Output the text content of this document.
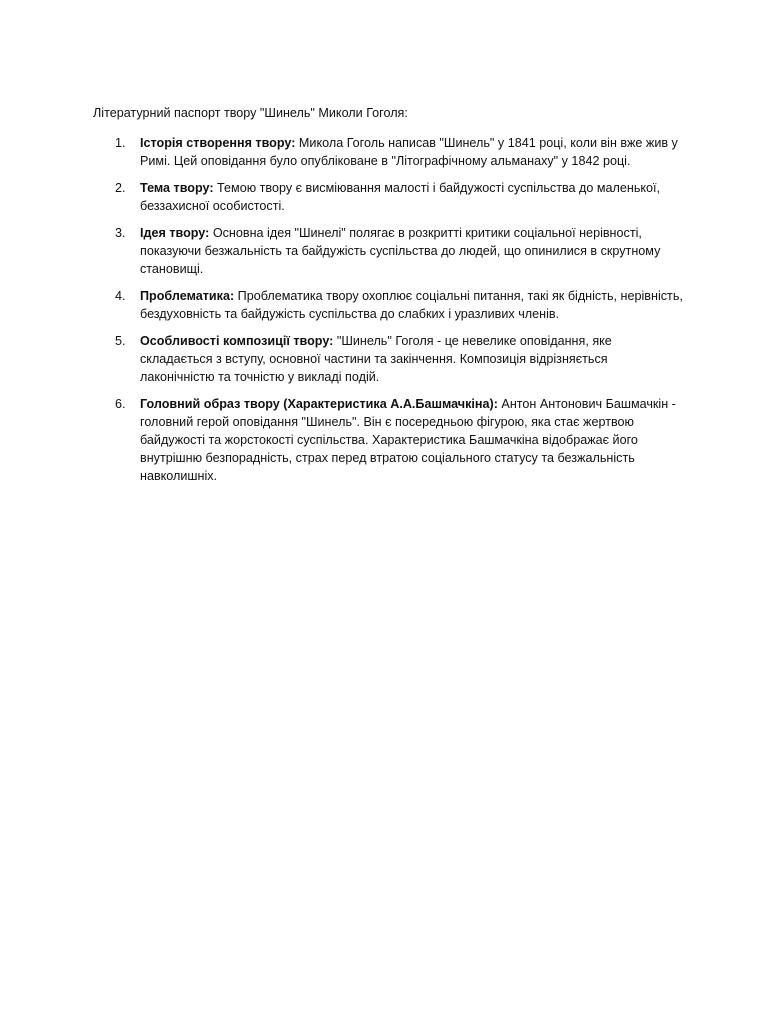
Літературний паспорт твору "Шинель" Миколи Гоголя:

1. Історія створення твору: Микола Гоголь написав "Шинель" у 1841 році, коли він вже жив у Римі. Цей оповідання було опубліковане в "Літографічному альманаху" у 1842 році.
2. Тема твору: Темою твору є висміювання малості і байдужості суспільства до маленької, беззахисної особистості.
3. Ідея твору: Основна ідея "Шинелі" полягає в розкритті критики соціальної нерівності, показуючи безжальність та байдужість суспільства до людей, що опинилися в скрутному становищі.
4. Проблематика: Проблематика твору охоплює соціальні питання, такі як бідність, нерівність, бездуховність та байдужість суспільства до слабких і уразливих членів.
5. Особливості композиції твору: "Шинель" Гоголя - це невелике оповідання, яке складається з вступу, основної частини та закінчення. Композиція відрізняється лаконічністю та точністю у викладі подій.
6. Головний образ твору (Характеристика А.А.Башмачкіна): Антон Антонович Башмачкін - головний герой оповідання "Шинель". Він є посередньою фігурою, яка стає жертвою байдужості та жорстокості суспільства. Характеристика Башмачкіна відображає його внутрішню безпорадність, страх перед втратою соціального статусу та безжальність навколишніх.
